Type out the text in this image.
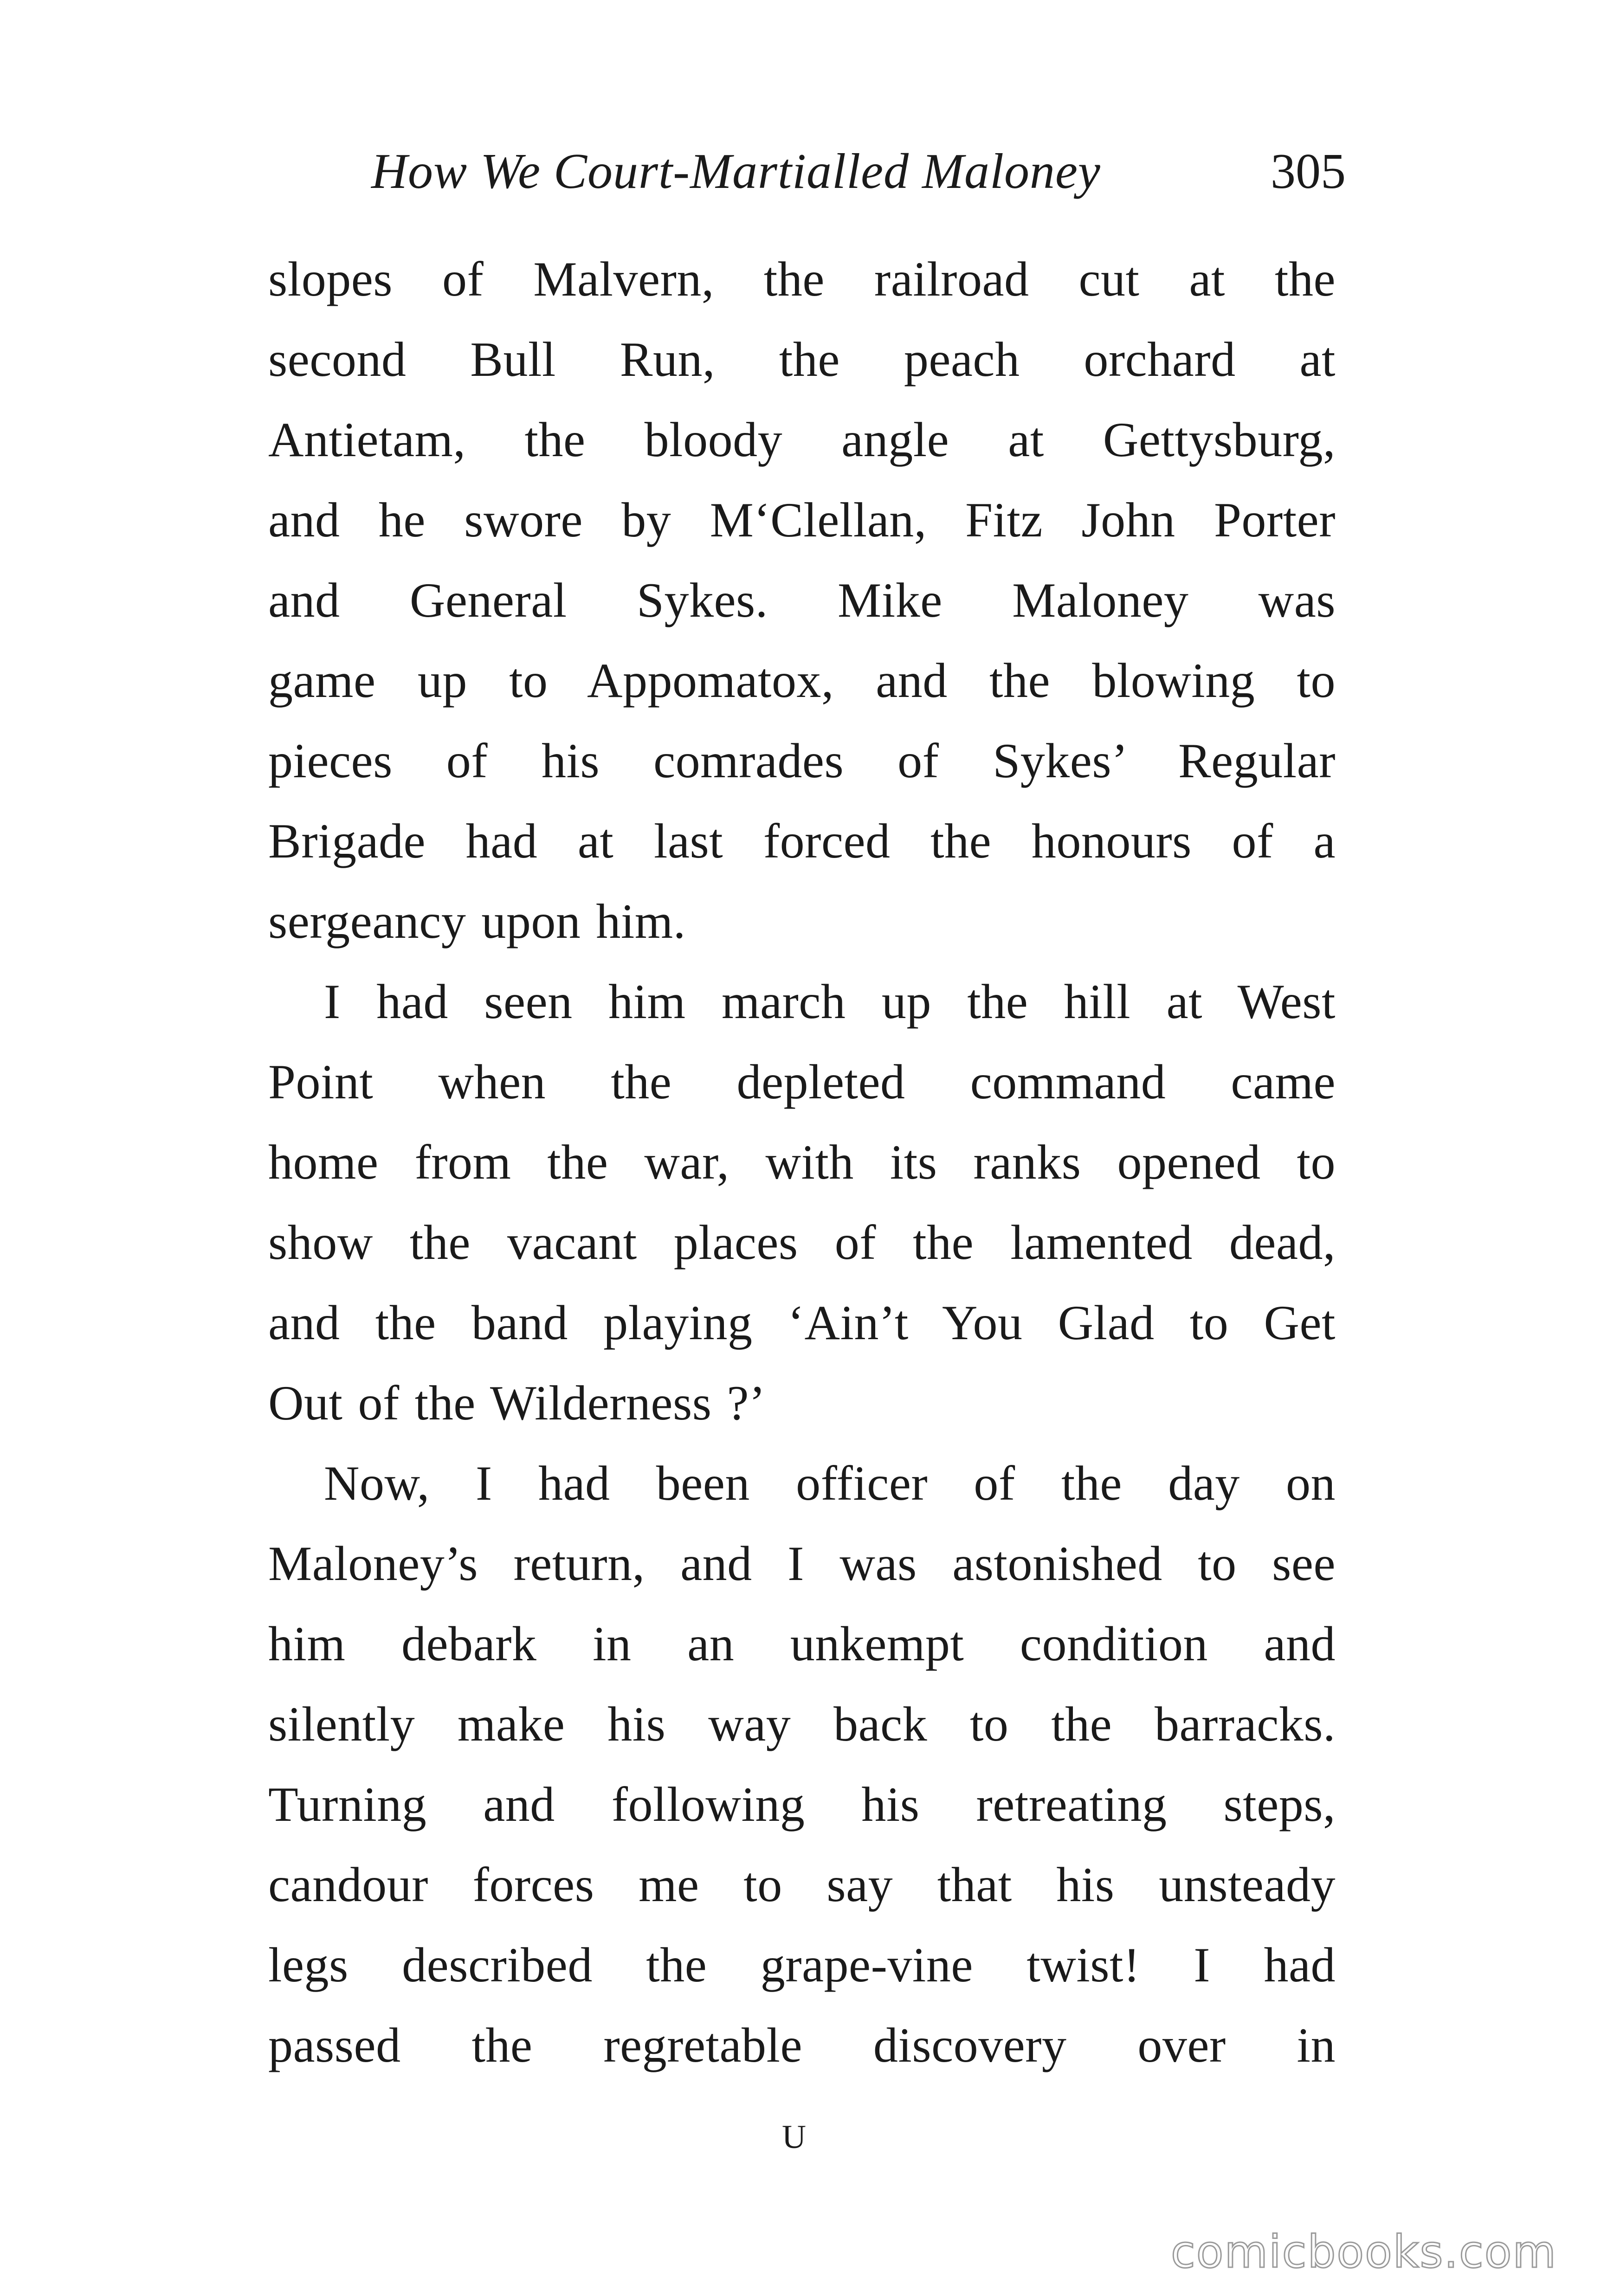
How We Court-Martialled Maloney	305
slopes of Malvern, the railroad cut at the
second Bull Run, the peach orchard at
Antietam, the bloody angle at Gettysburg,
and he swore by M‘Clellan, Fitz John Porter
and General Sykes. Mike Maloney was
game up to Appomatox, and the blowing to
pieces of his comrades of Sykes’ Regular
Brigade had at last forced the honours of a
sergeancy upon him.
I had seen him march up the hill at West
Point when the depleted command came
home from the war, with its ranks opened to
show the vacant places of the lamented dead,
and the band playing ‘Ain’t You Glad to Get
Out of the Wilderness ?’
Now, I had been officer of the day on
Maloney’s return, and I was astonished to see
him debark in an unkempt condition and
silently make his way back to the barracks.
Turning and following his retreating steps,
candour forces me to say that his unsteady
legs described the grape-vine twist! I had
passed the regretable discovery over in
U
comicbooks.com
